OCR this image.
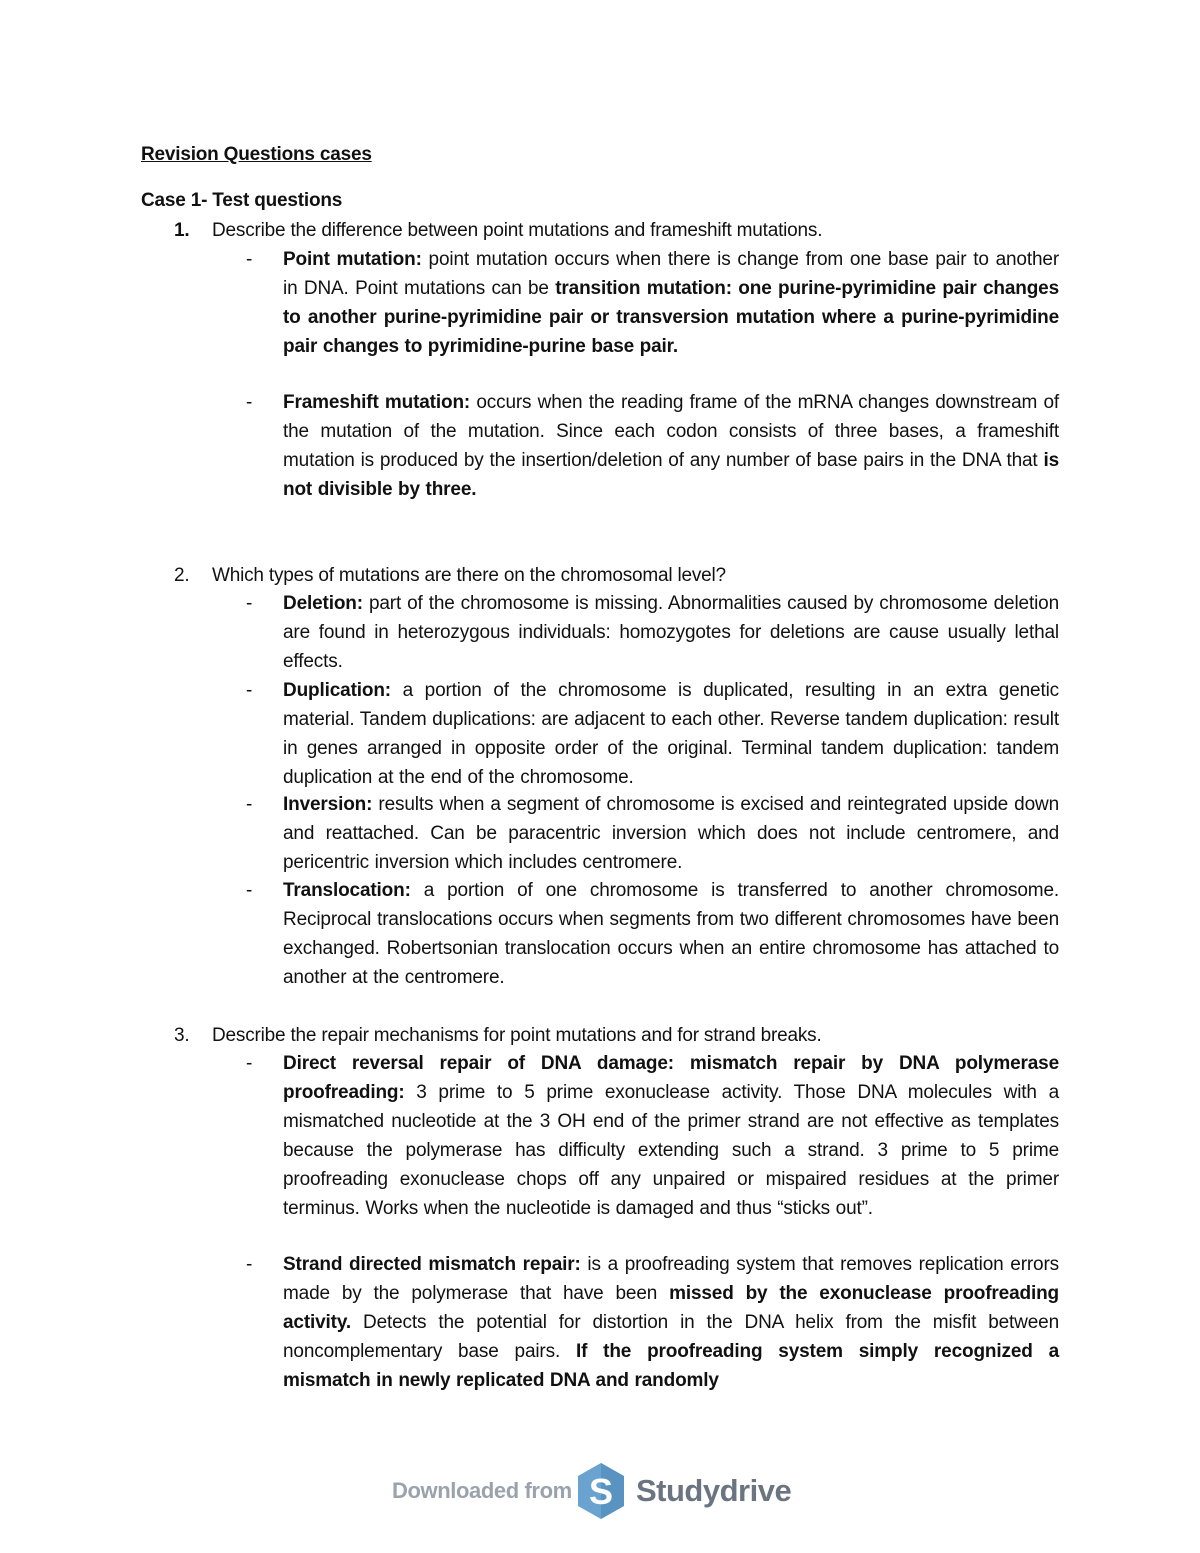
Revision Questions cases
Case 1- Test questions
1. Describe the difference between point mutations and frameshift mutations.
-	Point mutation: point mutation occurs when there is change from one base pair to another in DNA. Point mutations can be transition mutation: one purine-pyrimidine pair changes to another purine-pyrimidine pair or transversion mutation where a purine-pyrimidine pair changes to pyrimidine-purine base pair.
-	Frameshift mutation: occurs when the reading frame of the mRNA changes downstream of the mutation of the mutation. Since each codon consists of three bases, a frameshift mutation is produced by the insertion/deletion of any number of base pairs in the DNA that is not divisible by three.
2. Which types of mutations are there on the chromosomal level?
-	Deletion: part of the chromosome is missing. Abnormalities caused by chromosome deletion are found in heterozygous individuals: homozygotes for deletions are cause usually lethal effects.
-	Duplication: a portion of the chromosome is duplicated, resulting in an extra genetic material. Tandem duplications: are adjacent to each other. Reverse tandem duplication: result in genes arranged in opposite order of the original. Terminal tandem duplication: tandem duplication at the end of the chromosome.
-	Inversion: results when a segment of chromosome is excised and reintegrated upside down and reattached. Can be paracentric inversion which does not include centromere, and pericentric inversion which includes centromere.
-	Translocation: a portion of one chromosome is transferred to another chromosome. Reciprocal translocations occurs when segments from two different chromosomes have been exchanged. Robertsonian translocation occurs when an entire chromosome has attached to another at the centromere.
3. Describe the repair mechanisms for point mutations and for strand breaks.
-	Direct reversal repair of DNA damage: mismatch repair by DNA polymerase proofreading: 3 prime to 5 prime exonuclease activity. Those DNA molecules with a mismatched nucleotide at the 3 OH end of the primer strand are not effective as templates because the polymerase has difficulty extending such a strand. 3 prime to 5 prime proofreading exonuclease chops off any unpaired or mispaired residues at the primer terminus. Works when the nucleotide is damaged and thus “sticks out”.
-	Strand directed mismatch repair: is a proofreading system that removes replication errors made by the polymerase that have been missed by the exonuclease proofreading activity. Detects the potential for distortion in the DNA helix from the misfit between noncomplementary base pairs. If the proofreading system simply recognized a mismatch in newly replicated DNA and randomly
Downloaded from S Studydrive
